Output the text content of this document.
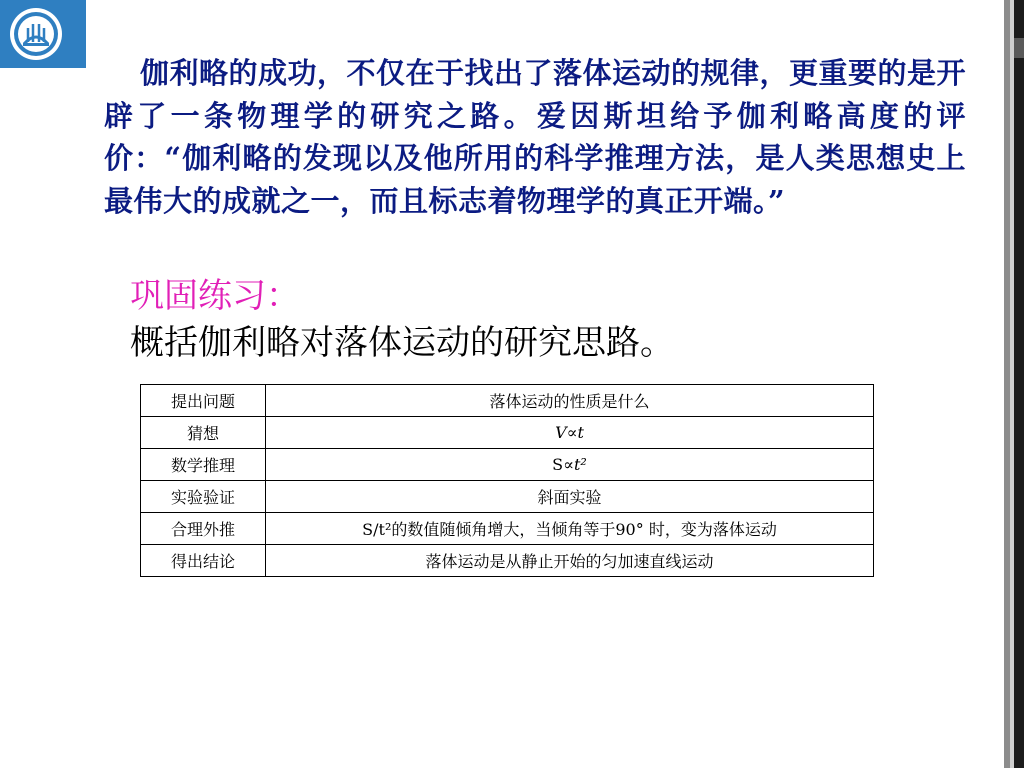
伽利略的成功，不仅在于找出了落体运动的规律，更重要的是开辟了一条物理学的研究之路。爱因斯坦给予伽利略高度的评价：“伽利略的发现以及他所用的科学推理方法，是人类思想史上最伟大的成就之一，而且标志着物理学的真正开端。”

巩固练习：

概括伽利略对落体运动的研究思路。

提出问题	落体运动的性质是什么
猜想	V∝t
数学推理	S∝t²
实验验证	斜面实验
合理外推	S/t²的数值随倾角增大，当倾角等于90° 时，变为落体运动
得出结论	落体运动是从静止开始的匀加速直线运动
